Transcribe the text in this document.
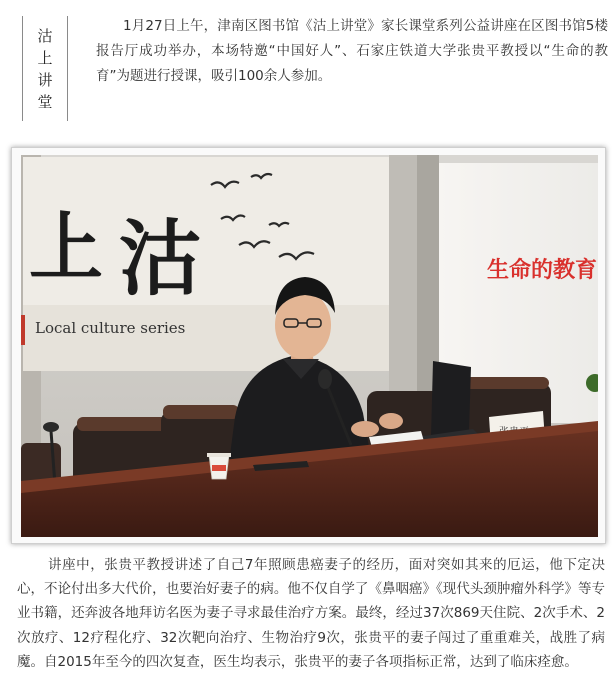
沽
上
讲
堂

1月27日上午，津南区图书馆《沽上讲堂》家长课堂系列公益讲座在区图书馆5楼报告厅成功举办，本场特邀“中国好人”、石家庄铁道大学张贵平教授以“生命的教育”为题进行授课，吸引100余人参加。

上 沽
Local culture series
生命的教育

讲座中，张贵平教授讲述了自己7年照顾患癌妻子的经历，面对突如其来的厄运，他下定决心，不论付出多大代价，也要治好妻子的病。他不仅自学了《鼻咽癌》《现代头颈肿瘤外科学》等专业书籍，还奔波各地拜访名医为妻子寻求最佳治疗方案。最终，经过37次869天住院、2次手术、2次放疗、12疗程化疗、32次靶向治疗、生物治疗9次，张贵平的妻子闯过了重重难关，战胜了病魔。自2015年至今的四次复查，医生均表示，张贵平的妻子各项指标正常，达到了临床痊愈。
